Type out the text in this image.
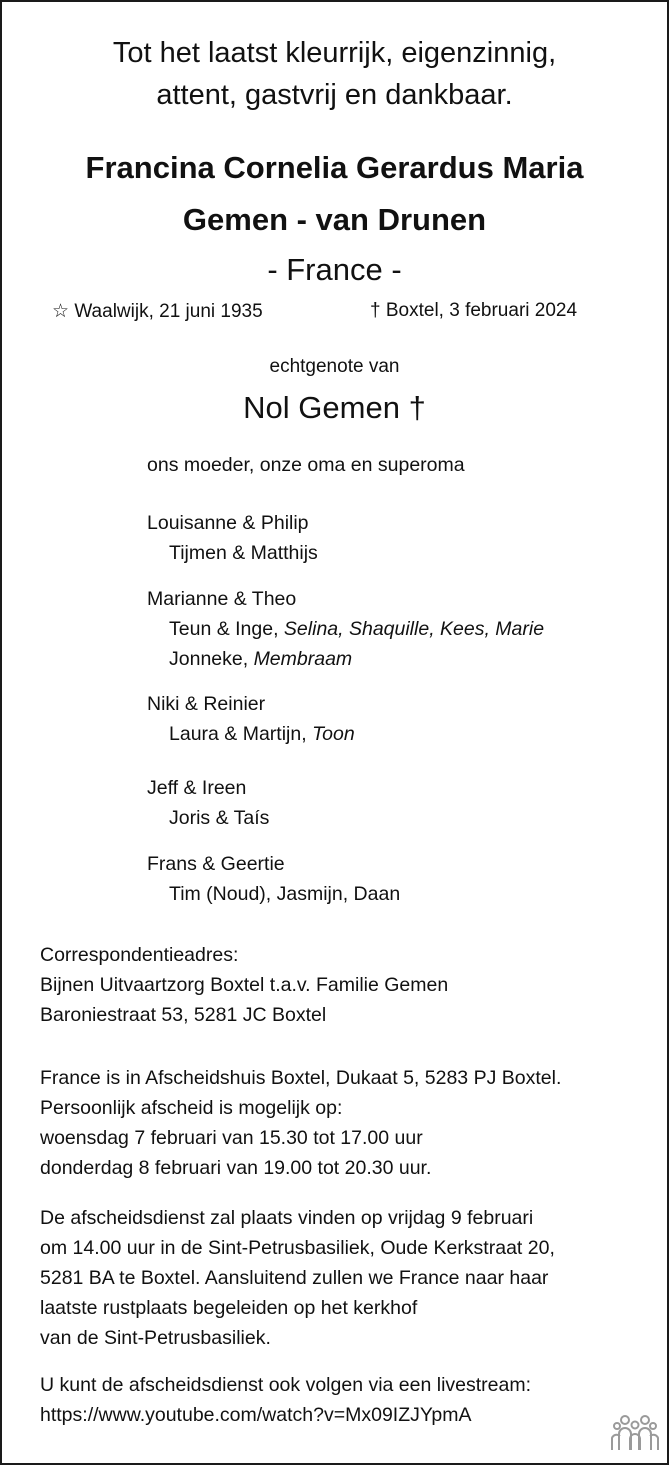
Tot het laatst kleurrijk, eigenzinnig,
attent, gastvrij en dankbaar.
Francina Cornelia Gerardus Maria
Gemen - van Drunen
- France -
☆ Waalwijk, 21 juni 1935	† Boxtel, 3 februari 2024
echtgenote van
Nol Gemen †
ons moeder, onze oma en superoma
Louisanne & Philip
Tijmen & Matthijs
Marianne & Theo
Teun & Inge, Selina, Shaquille, Kees, Marie
Jonneke, Membraam
Niki & Reinier
Laura & Martijn, Toon
Jeff & Ireen
Joris & Taís
Frans & Geertie
Tim (Noud), Jasmijn, Daan
Correspondentieadres:
Bijnen Uitvaartzorg Boxtel t.a.v. Familie Gemen
Baroniestraat 53, 5281 JC Boxtel
France is in Afscheidshuis Boxtel, Dukaat 5, 5283 PJ Boxtel.
Persoonlijk afscheid is mogelijk op:
woensdag 7 februari van 15.30 tot 17.00 uur
donderdag 8 februari van 19.00 tot 20.30 uur.
De afscheidsdienst zal plaats vinden op vrijdag 9 februari
om 14.00 uur in de Sint-Petrusbasiliek, Oude Kerkstraat 20,
5281 BA te Boxtel. Aansluitend zullen we France naar haar
laatste rustplaats begeleiden op het kerkhof
van de Sint-Petrusbasiliek.
U kunt de afscheidsdienst ook volgen via een livestream:
https://www.youtube.com/watch?v=Mx09IZJYpmA
